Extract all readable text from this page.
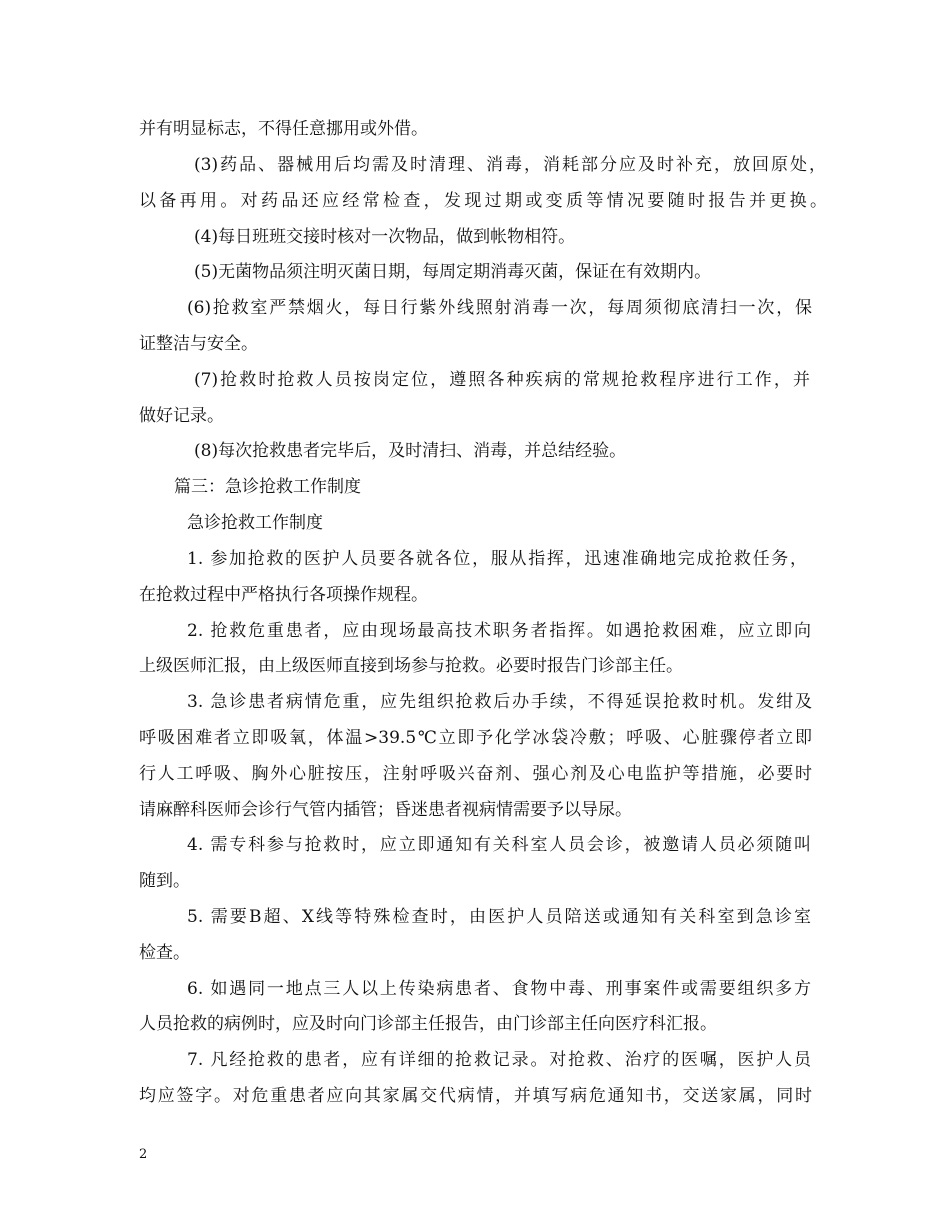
并有明显标志，不得任意挪用或外借。
(3)药品、器械用后均需及时清理、消毒，消耗部分应及时补充，放回原处，
以备再用。对药品还应经常检查，发现过期或变质等情况要随时报告并更换。
(4)每日班班交接时核对一次物品，做到帐物相符。
(5)无菌物品须注明灭菌日期，每周定期消毒灭菌，保证在有效期内。
(6)抢救室严禁烟火，每日行紫外线照射消毒一次，每周须彻底清扫一次，保
证整洁与安全。
(7)抢救时抢救人员按岗定位，遵照各种疾病的常规抢救程序进行工作，并
做好记录。
(8)每次抢救患者完毕后，及时清扫、消毒，并总结经验。
篇三：急诊抢救工作制度
急诊抢救工作制度
1. 参加抢救的医护人员要各就各位，服从指挥，迅速准确地完成抢救任务，
在抢救过程中严格执行各项操作规程。
2. 抢救危重患者，应由现场最高技术职务者指挥。如遇抢救困难，应立即向
上级医师汇报，由上级医师直接到场参与抢救。必要时报告门诊部主任。
3. 急诊患者病情危重，应先组织抢救后办手续，不得延误抢救时机。发绀及
呼吸困难者立即吸氧，体温>39.5℃立即予化学冰袋冷敷；呼吸、心脏骤停者立即
行人工呼吸、胸外心脏按压，注射呼吸兴奋剂、强心剂及心电监护等措施，必要时
请麻醉科医师会诊行气管内插管；昏迷患者视病情需要予以导尿。
4. 需专科参与抢救时，应立即通知有关科室人员会诊，被邀请人员必须随叫
随到。
5. 需要B超、X线等特殊检查时，由医护人员陪送或通知有关科室到急诊室
检查。
6. 如遇同一地点三人以上传染病患者、食物中毒、刑事案件或需要组织多方
人员抢救的病例时，应及时向门诊部主任报告，由门诊部主任向医疗科汇报。
7. 凡经抢救的患者，应有详细的抢救记录。对抢救、治疗的医嘱，医护人员
均应签字。对危重患者应向其家属交代病情，并填写病危通知书，交送家属，同时
2
